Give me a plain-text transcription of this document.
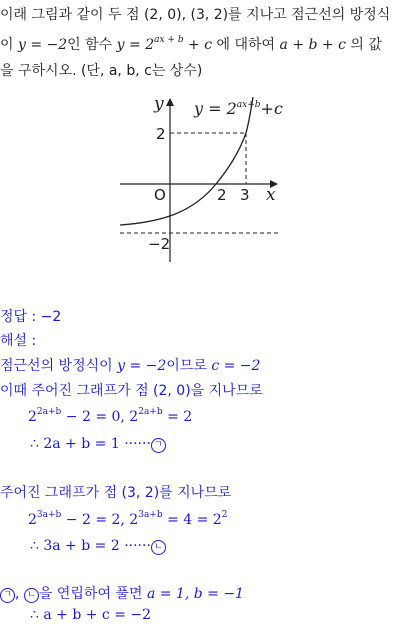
이래 그림과 같이 두 점 (2, 0), (3, 2)를 지나고 점근선의 방정식
이 y = −2인 함수 $y = 2^{ax + b} + c$ 에 대하여 a + b + c 의 값
을 구하시오. (단, a, b, c는 상수)
y
x
O
$y = 2^{ax+b}+c$
2
2 3
−2
정답 : −2
해설 :
점근선의 방정식이 y = −2이므로 c = −2
이때 주어진 그래프가 점 (2, 0)을 지나므로
$2^{2a+b} - 2 = 0$, $2^{2a+b} = 2$
∴ 2a + b = 1 ······ ㄱ
주어진 그래프가 점 (3, 2)를 지나므로
$2^{3a+b} - 2 = 2$, $2^{3a+b} = 4 = 2^2$
∴ 3a + b = 2 ······ ㄴ
ㄱ , ㄴ 을 연립하여 풀면 a = 1, b = −1
∴ a + b + c = −2
